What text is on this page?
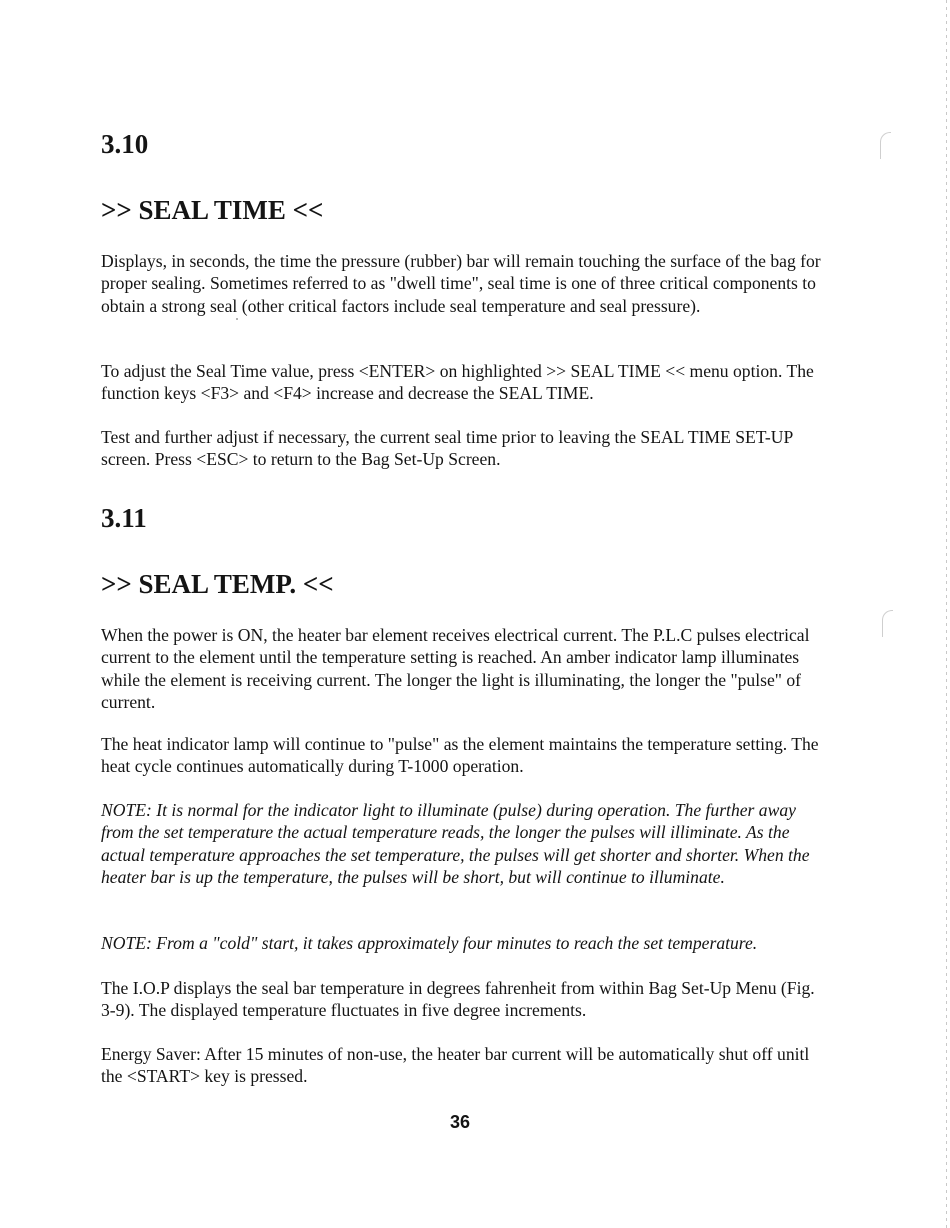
3.10
>> SEAL TIME <<

Displays, in seconds, the time the pressure (rubber) bar will remain touching the surface of the bag for proper sealing. Sometimes referred to as "dwell time", seal time is one of three critical components to obtain a strong seal (other critical factors include seal temperature and seal pressure).

To adjust the Seal Time value, press <ENTER> on highlighted >> SEAL TIME << menu option. The function keys <F3> and <F4> increase and decrease the SEAL TIME.

Test and further adjust if necessary, the current seal time prior to leaving the SEAL TIME SET-UP screen. Press <ESC> to return to the Bag Set-Up Screen.

3.11
>> SEAL TEMP. <<

When the power is ON, the heater bar element receives electrical current. The P.L.C pulses electrical current to the element until the temperature setting is reached. An amber indicator lamp illuminates while the element is receiving current. The longer the light is illuminating, the longer the "pulse" of current.

The heat indicator lamp will continue to "pulse" as the element maintains the temperature setting. The heat cycle continues automatically during T-1000 operation.

NOTE: It is normal for the indicator light to illuminate (pulse) during operation. The further away from the set temperature the actual temperature reads, the longer the pulses will illiminate. As the actual temperature approaches the set temperature, the pulses will get shorter and shorter. When the heater bar is up the temperature, the pulses will be short, but will continue to illuminate.

NOTE: From a "cold" start, it takes approximately four minutes to reach the set temperature.

The I.O.P displays the seal bar temperature in degrees fahrenheit from within Bag Set-Up Menu (Fig. 3-9). The displayed temperature fluctuates in five degree increments.

Energy Saver: After 15 minutes of non-use, the heater bar current will be automatically shut off unitl the <START> key is pressed.

36
